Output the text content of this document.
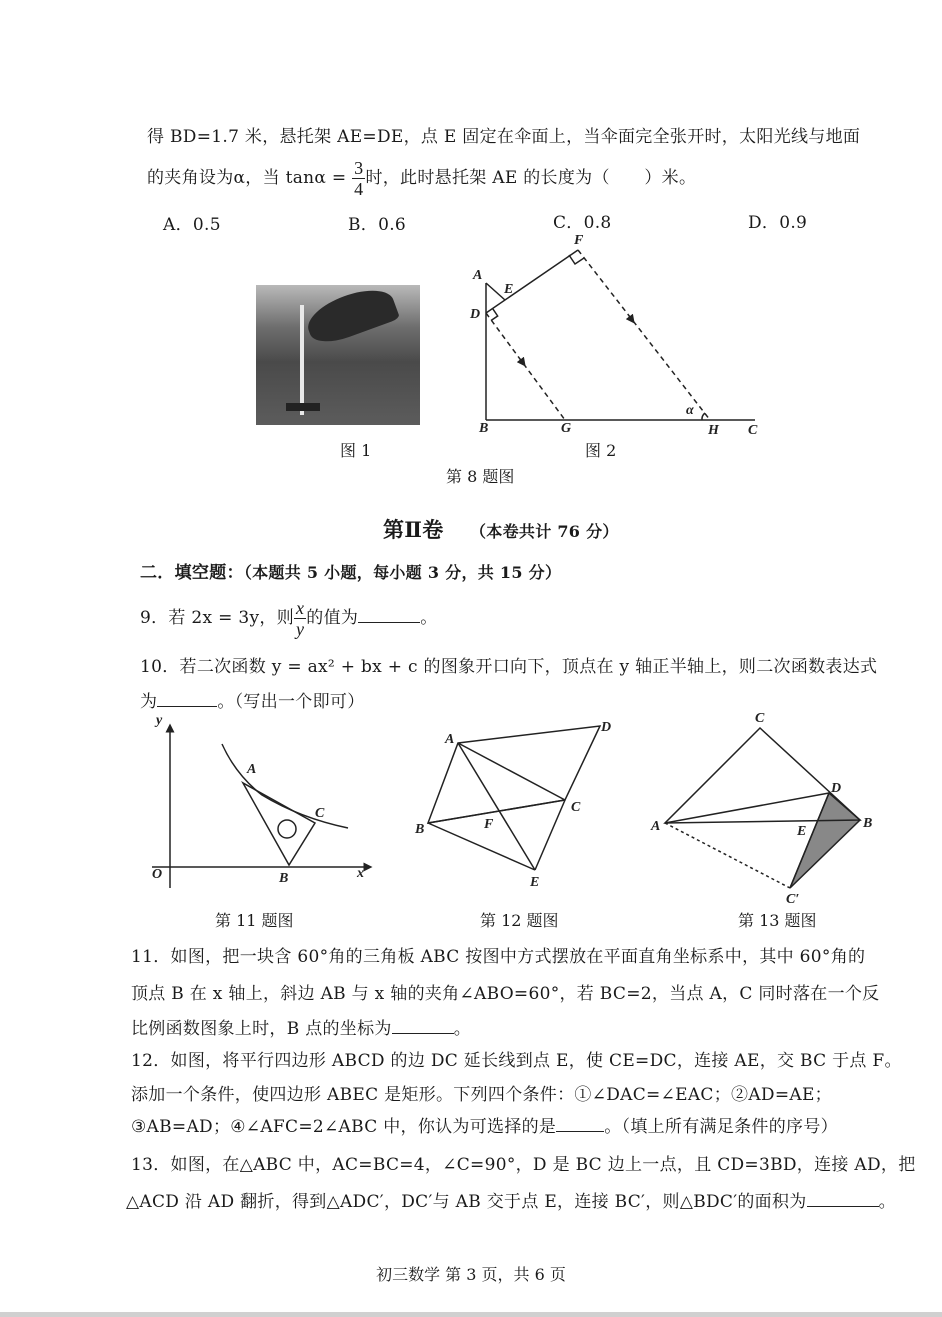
得 BD=1.7 米，悬托架 AE=DE，点 E 固定在伞面上，当伞面完全张开时，太阳光线与地面
的夹角设为α，当 $\tan\alpha = \frac{3}{4}$ 时，此时悬托架 AE 的长度为（　　）米。
A．0.5	B．0.6	C．0.8	D．0.9
图 1	图 2
第 8 题图
A
E
F
D
B	G	H C
α
y
x
O
A
B
C
A
D
C
B	F
E
C
A	B
D
E
C′
第Ⅱ卷 （本卷共计 76 分）
二．填空题：（本题共 5 小题，每小题 3 分，共 15 分）
9．若 2x = 3y，则 $\frac{x}{y}$ 的值为	。
10．若二次函数 y = ax² + bx + c 的图象开口向下，顶点在 y 轴正半轴上，则二次函数表达式
为	。（写出一个即可）
第 11 题图	第 12 题图	第 13 题图
11．如图，把一块含 60°角的三角板 ABC 按图中方式摆放在平面直角坐标系中，其中 60°角的
顶点 B 在 x 轴上，斜边 AB 与 x 轴的夹角∠ABO=60°，若 BC=2，当点 A，C 同时落在一个反
比例函数图象上时，B 点的坐标为	。
12．如图，将平行四边形 ABCD 的边 DC 延长线到点 E，使 CE=DC，连接 AE，交 BC 于点 F。
添加一个条件，使四边形 ABEC 是矩形。下列四个条件：①∠DAC=∠EAC；②AD=AE；
③AB=AD；④∠AFC=2∠ABC 中，你认为可选择的是	。（填上所有满足条件的序号）
13．如图，在△ABC 中，AC=BC=4，∠C=90°，D 是 BC 边上一点，且 CD=3BD，连接 AD，把
△ACD 沿 AD 翻折，得到△ADC′，DC′与 AB 交于点 E，连接 BC′，则△BDC′的面积为	。
初三数学 第 3 页，共 6 页
